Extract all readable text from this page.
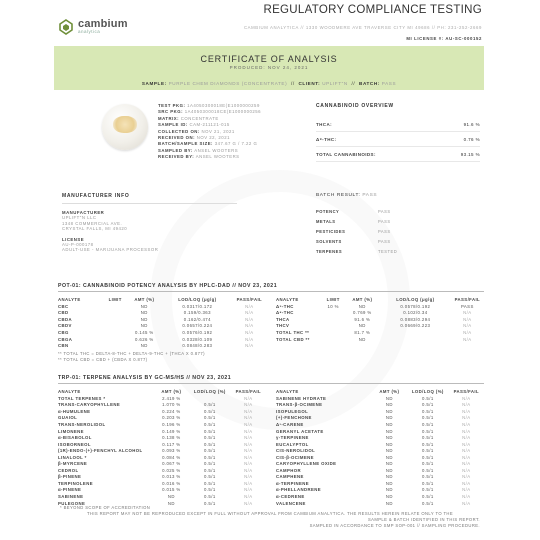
cambium
analytica
REGULATORY COMPLIANCE TESTING
CAMBIUM ANALYTICA // 1330 WOODMERE AVE TRAVERSE CITY MI 49686 // PH: 231-252-2669
MI LICENSE #: AU-SC-000152
CERTIFICATE OF ANALYSIS
PRODUCED: NOV 24, 2021
SAMPLE: PURPLE CHEM DIAMONDS (CONCENTRATE)  //  CLIENT: UPLIFT"N  //  BATCH: PASS
TEST PKG: 1A4050300018E(E1000000259
SRC PKG: 1A4050300018CE(E1000000256
MATRIX: CONCENTRATE
SAMPLE ID: CAM-211121-015
COLLECTED ON: NOV 21, 2021
RECEIVED ON: NOV 22, 2021
BATCH/SAMPLE SIZE: 347.67 G / 7.22 G
SAMPLED BY: ANSEL WOOTERS
RECEIVED BY: ANSEL WOOTERS
CANNABINOID OVERVIEW
THCA:	91.6 %
Δ⁹-THC:	0.76 %
TOTAL CANNABINOIDS:	93.15 %
MANUFACTURER INFO
MANUFACTURER
UPLIFT"N LLC
1348 COMMERCIAL AVE.
CRYSTAL FALLS, MI 49420
LICENSE
AU-P-000178
ADULT-USE - MARIJUANA PROCESSOR
BATCH RESULT: PASS
POTENCY	PASS
METALS	PASS
PESTICIDES	PASS
SOLVENTS	PASS
TERPENES	TESTED
POT-01: CANNABINOID POTENCY ANALYSIS BY HPLC-DAD // NOV 23, 2021
ANALYTE	LIMIT	AMT (%)	LOD/LOQ (μg/g)	PASS/FAIL
CBC		ND	0.0317/0.172	N/A
CBD		ND	0.159/0.363	N/A
CBDA		ND	0.162/0.474	N/A
CBDV		ND	0.0657/0.224	N/A
CBG		0.145 %	0.0576/0.192	N/A
CBGA		0.626 %	0.0328/0.109	N/A
CBN		ND	0.0848/0.283	N/A
ANALYTE	LIMIT	AMT (%)	LOD/LOQ (μg/g)	PASS/FAIL
Δ⁹-THC	10 %	ND	0.0578/0.192	PASS
Δ⁸-THC		0.769 %	0.102/0.34	N/A
THCA		91.6 %	0.0883/0.294	N/A
THCV		ND	0.0669/0.223	N/A
TOTAL THC **		81.7 %		N/A
TOTAL CBD **		ND		N/A
** TOTAL THC = DELTA-8-THC + DELTA-9-THC + (THCA X 0.877)
** TOTAL CBD = CBD + (CBDA X 0.877)
TRP-01: TERPENE ANALYSIS BY GC-MS/HS // NOV 23, 2021
ANALYTE	AMT (%)	LOD/LOQ (%)	PASS/FAIL
TOTAL TERPENES *	2.419 %		N/A
TRANS-CARYOPHYLLENE	1.070 %	0.5/1	N/A
α-HUMULENE	0.224 %	0.5/1	N/A
GUAIOL	0.203 %	0.5/1	N/A
TRANS-NEROLIDOL	0.196 %	0.5/1	N/A
LIMONENE	0.149 %	0.5/1	N/A
α-BISABOLOL	0.138 %	0.5/1	N/A
ISOBORNEOL	0.117 %	0.5/1	N/A
(1R)-ENDO-(+)-FENCHYL ALCOHOL	0.093 %	0.5/1	N/A
LINALOOL *	0.084 %	0.5/1	N/A
β-MYRCENE	0.067 %	0.5/1	N/A
CEDROL	0.025 %	0.5/1	N/A
β-PINENE	0.013 %	0.5/1	N/A
TERPINOLENE	0.016 %	0.5/1	N/A
α-PINENE	0.015 %	0.5/1	N/A
SABINENE	ND	0.5/1	N/A
PULEGONE	ND	0.5/1	N/A
ANALYTE	AMT (%)	LOD/LOQ (%)	PASS/FAIL
SABINENE HYDRATE	ND	0.5/1	N/A
TRANS-β-OCIMENE	ND	0.5/1	N/A
ISOPULEGOL	ND	0.5/1	N/A
(+)-FENCHONE	ND	0.5/1	N/A
Δ³-CARENE	ND	0.5/1	N/A
GERANYL ACETATE	ND	0.5/1	N/A
γ-TERPINENE	ND	0.5/1	N/A
EUCALYPTOL	ND	0.5/1	N/A
CIS-NEROLIDOL	ND	0.5/1	N/A
CIS-β-OCIMENE	ND	0.5/1	N/A
CARYOPHYLLENE OXIDE	ND	0.5/1	N/A
CAMPHOR	ND	0.5/1	N/A
CAMPHENE	ND	0.5/1	N/A
α-TERPINENE	ND	0.5/1	N/A
α-PHELLANDRENE	ND	0.5/1	N/A
α-CEDRENE	ND	0.5/1	N/A
VALENCENE	ND	0.5/1	N/A
* BEYOND SCOPE OF ACCREDITATION
THIS REPORT MAY NOT BE REPRODUCED EXCEPT IN FULL WITHOUT APPROVAL FROM CAMBIUM ANALYTICA. THE RESULTS HEREIN RELATE ONLY TO THE
SAMPLE & BATCH IDENTIFIED IN THIS REPORT.
SAMPLED IN ACCORDANCE TO SMP SOP-001 // SAMPLING PROCEDURE.
